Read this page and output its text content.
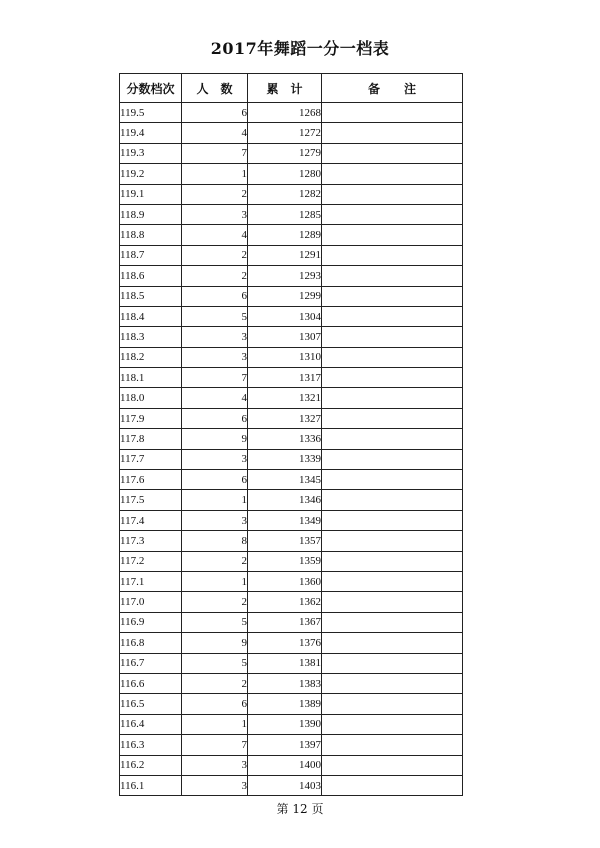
2017年舞蹈一分一档表
分数档次	人　数	累　计	备　　注
119.5	6	1268	
119.4	4	1272	
119.3	7	1279	
119.2	1	1280	
119.1	2	1282	
118.9	3	1285	
118.8	4	1289	
118.7	2	1291	
118.6	2	1293	
118.5	6	1299	
118.4	5	1304	
118.3	3	1307	
118.2	3	1310	
118.1	7	1317	
118.0	4	1321	
117.9	6	1327	
117.8	9	1336	
117.7	3	1339	
117.6	6	1345	
117.5	1	1346	
117.4	3	1349	
117.3	8	1357	
117.2	2	1359	
117.1	1	1360	
117.0	2	1362	
116.9	5	1367	
116.8	9	1376	
116.7	5	1381	
116.6	2	1383	
116.5	6	1389	
116.4	1	1390	
116.3	7	1397	
116.2	3	1400	
116.1	3	1403	
第 12 页
